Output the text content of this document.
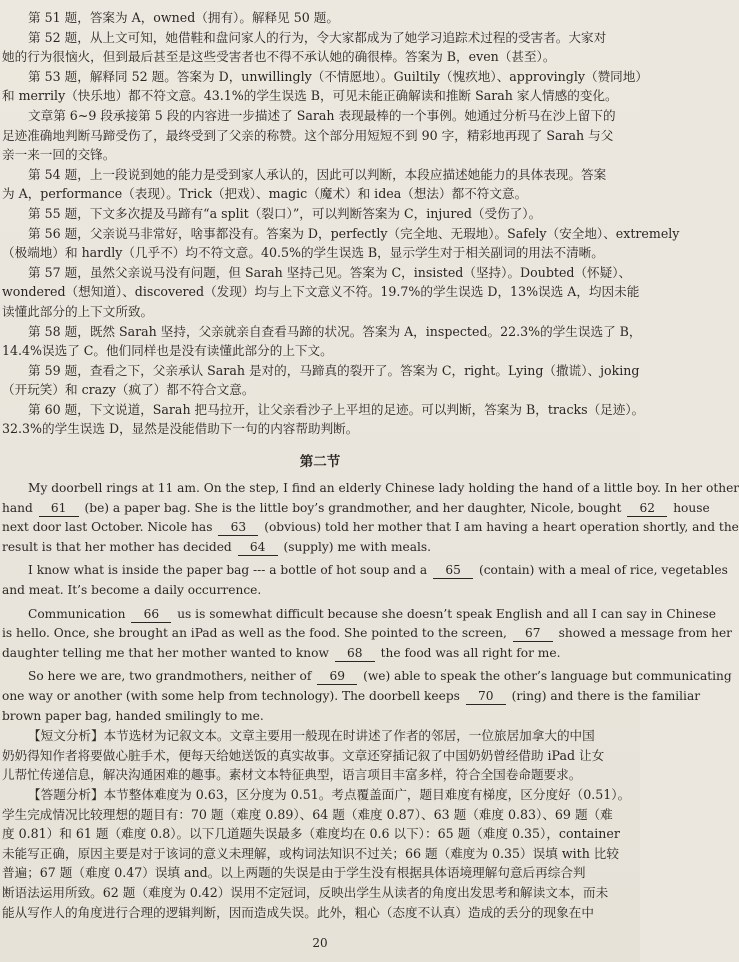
第 51 题，答案为 A，owned（拥有）。解释见 50 题。

第 52 题，从上文可知，她借鞋和盘问家人的行为，令大家都成为了她学习追踪术过程的受害者。大家对

她的行为很恼火，但到最后甚至是这些受害者也不得不承认她的确很棒。答案为 B，even（甚至）。

第 53 题，解释同 52 题。答案为 D，unwillingly（不情愿地）。Guiltily（愧疚地）、approvingly（赞同地）

和 merrily（快乐地）都不符文意。43.1%的学生误选 B，可见未能正确解读和推断 Sarah 家人情感的变化。

文章第 6~9 段承接第 5 段的内容进一步描述了 Sarah 表现最棒的一个事例。她通过分析马在沙上留下的

足迹准确地判断马蹄受伤了，最终受到了父亲的称赞。这个部分用短短不到 90 字，精彩地再现了 Sarah 与父

亲一来一回的交锋。

第 54 题，上一段说到她的能力是受到家人承认的，因此可以判断，本段应描述她能力的具体表现。答案

为 A，performance（表现）。Trick（把戏）、magic（魔术）和 idea（想法）都不符文意。

第 55 题，下文多次提及马蹄有“a split（裂口）”，可以判断答案为 C，injured（受伤了）。

第 56 题，父亲说马非常好，啥事都没有。答案为 D，perfectly（完全地、无瑕地）。Safely（安全地）、extremely

（极端地）和 hardly（几乎不）均不符文意。40.5%的学生误选 B，显示学生对于相关副词的用法不清晰。

第 57 题，虽然父亲说马没有问题，但 Sarah 坚持己见。答案为 C，insisted（坚持）。Doubted（怀疑）、

wondered（想知道）、discovered（发现）均与上下文意义不符。19.7%的学生误选 D，13%误选 A，均因未能

读懂此部分的上下文所致。

第 58 题，既然 Sarah 坚持，父亲就亲自查看马蹄的状况。答案为 A，inspected。22.3%的学生误选了 B，

14.4%误选了 C。他们同样也是没有读懂此部分的上下文。

第 59 题，查看之下，父亲承认 Sarah 是对的，马蹄真的裂开了。答案为 C，right。Lying（撒谎）、joking

（开玩笑）和 crazy（疯了）都不符合文意。

第 60 题，下文说道，Sarah 把马拉开，让父亲看沙子上平坦的足迹。可以判断，答案为 B，tracks（足迹）。

32.3%的学生误选 D，显然是没能借助下一句的内容帮助判断。

第二节

My doorbell rings at 11 am. On the step, I find an elderly Chinese lady holding the hand of a little boy. In her other

hand 61 (be) a paper bag. She is the little boy’s grandmother, and her daughter, Nicole, bought 62 house

next door last October. Nicole has 63 (obvious) told her mother that I am having a heart operation shortly, and the

result is that her mother has decided 64 (supply) me with meals.

I know what is inside the paper bag --- a bottle of hot soup and a 65 (contain) with a meal of rice, vegetables

and meat. It’s become a daily occurrence.

Communication 66 us is somewhat difficult because she doesn’t speak English and all I can say in Chinese

is hello. Once, she brought an iPad as well as the food. She pointed to the screen, 67 showed a message from her

daughter telling me that her mother wanted to know 68 the food was all right for me.

So here we are, two grandmothers, neither of 69 (we) able to speak the other’s language but communicating

one way or another (with some help from technology). The doorbell keeps 70 (ring) and there is the familiar

brown paper bag, handed smilingly to me.

【短文分析】本节选材为记叙文本。文章主要用一般现在时讲述了作者的邻居，一位旅居加拿大的中国

奶奶得知作者将要做心脏手术，便每天给她送饭的真实故事。文章还穿插记叙了中国奶奶曾经借助 iPad 让女

儿帮忙传递信息，解决沟通困难的趣事。素材文本特征典型，语言项目丰富多样，符合全国卷命题要求。

【答题分析】本节整体难度为 0.63，区分度为 0.51。考点覆盖面广，题目难度有梯度，区分度好（0.51）。

学生完成情况比较理想的题目有：70 题（难度 0.89）、64 题（难度 0.87）、63 题（难度 0.83）、69 题（难

度 0.81）和 61 题（难度 0.8）。以下几道题失误最多（难度均在 0.6 以下）：65 题（难度 0.35），container

未能写正确，原因主要是对于该词的意义未理解，或构词法知识不过关；66 题（难度为 0.35）误填 with 比较

普遍；67 题（难度 0.47）误填 and。以上两题的失误是由于学生没有根据具体语境理解句意后再综合判

断语法运用所致。62 题（难度为 0.42）误用不定冠词，反映出学生从读者的角度出发思考和解读文本，而未

能从写作人的角度进行合理的逻辑判断，因而造成失误。此外，粗心（态度不认真）造成的丢分的现象在中

20
